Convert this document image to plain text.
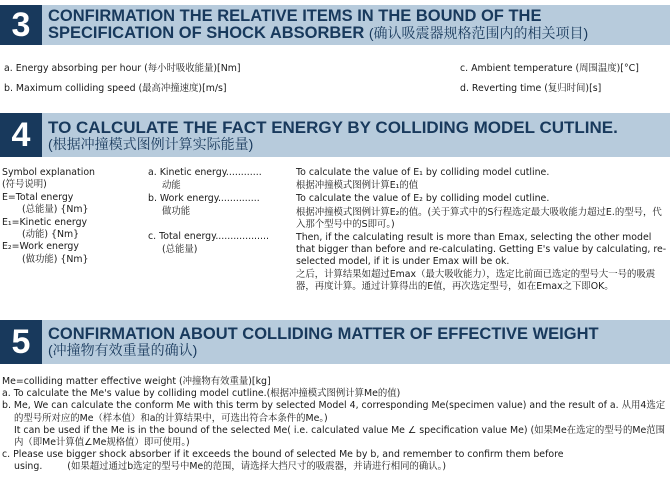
3	CONFIRMATION THE RELATIVE ITEMS IN THE BOUND OF THE
SPECIFICATION OF SHOCK ABSORBER (确认吸震器规格范围内的相关项目)
a. Energy absorbing per hour (每小时吸收能量)[Nm]	c. Ambient temperature (周围温度)[°C]
b. Maximum colliding speed (最高冲撞速度)[m/s]	d. Reverting time (复归时间)[s]
4	TO CALCULATE THE FACT ENERGY BY COLLIDING MODEL CUTLINE.
(根据冲撞模式图例计算实际能量)
Symbol explanation
(符号说明)
E=Total energy
(总能量) {Nm}
E₁=Kinetic energy
(动能) {Nm}
E₂=Work energy
(做功能) {Nm}
a. Kinetic energy............
动能
b. Work energy..............
做功能
c. Total energy..................
(总能量)
To calculate the value of E₁ by colliding model cutline.
根据冲撞模式图例计算E₁的值
To calculate the value of E₂ by colliding model cutline.
根据冲撞模式图例计算E₂的值。(关于算式中的S行程选定最大吸收能力超过E.的型号，代入那个型号中的S即可。)
Then, if the calculating result is more than Emax, selecting the other model that bigger than before and re-calculating. Getting E's value by calculating, re-selected model, if it is under Emax will be ok.
之后，计算结果如超过Emax（最大吸收能力），选定比前面已选定的型号大一号的吸震器，再度计算。通过计算得出的E值，再次选定型号，如在Emax之下即OK。
5	CONFIRMATION ABOUT COLLIDING MATTER OF EFFECTIVE WEIGHT
(冲撞物有效重量的确认)
Me=colliding matter effective weight (冲撞物有效重量)[kg]
a. To calculate the Me's value by colliding model cutline.(根据冲撞模式图例计算Me的值)
b. Me, We can calculate the conform Me with this term by selected Model 4, corresponding Me(specimen value) and the result of a. 从用4选定的型号所对应的Me（样本值）和a的计算结果中，可选出符合本条件的Me。)
It can be used if the Me is in the bound of the selected Me( i.e. calculated value Me ∠ specification value Me) (如果Me在选定的型号的Me范围内（即Me计算值∠Me规格值）即可使用。)
c. Please use bigger shock absorber if it exceeds the bound of selected Me by b, and remember to confirm them before
using.	(如果超过通过b选定的型号中Me的范围，请选择大挡尺寸的吸震器，并请进行相同的确认。)
